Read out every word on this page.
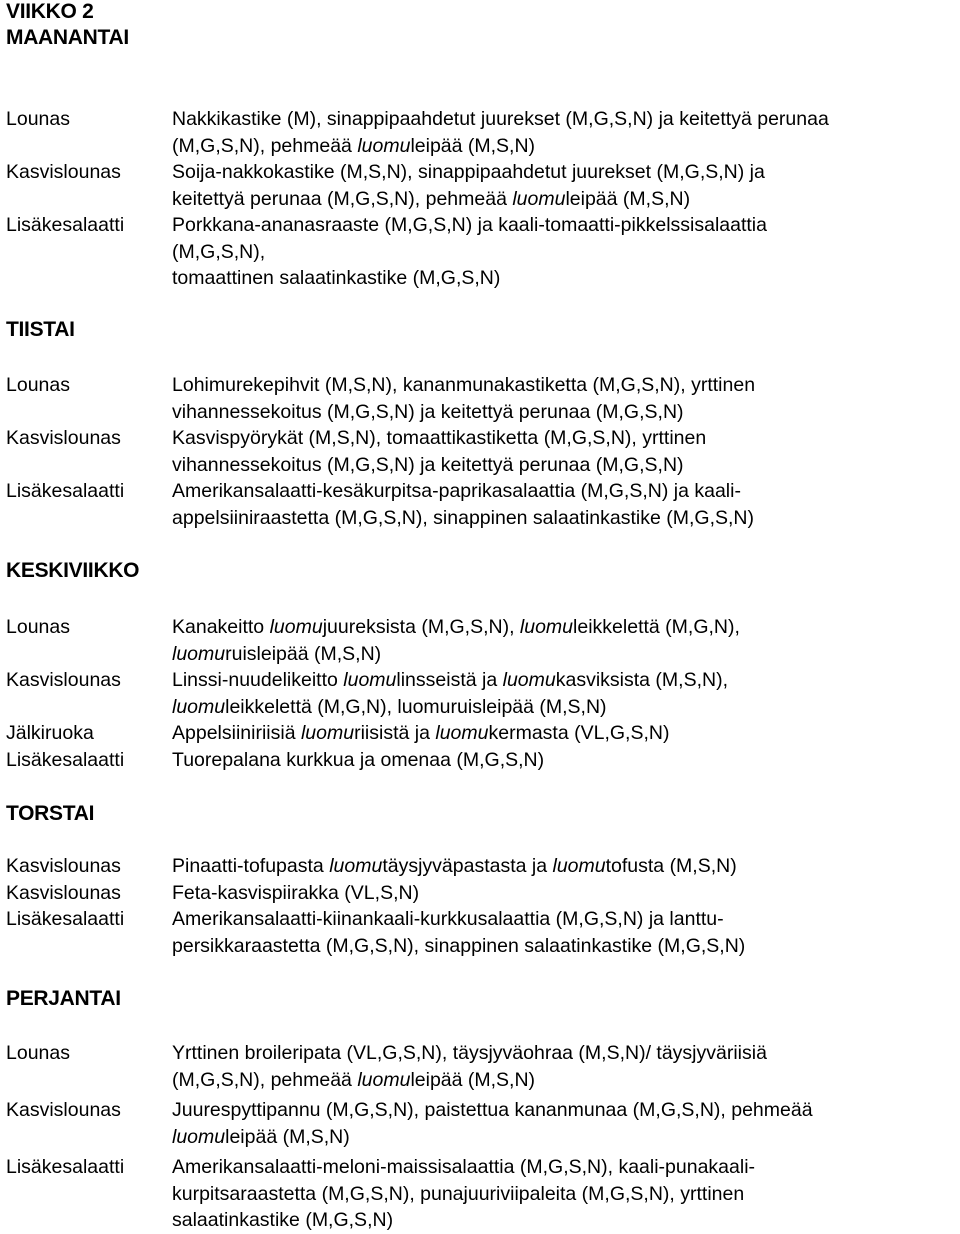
VIIKKO 2
MAANANTAI
Lounas	Nakkikastike (M), sinappipaahdetut juurekset (M,G,S,N) ja keitettyä perunaa
(M,G,S,N), pehmeää luomuleipää (M,S,N)
Kasvislounas	Soija-nakkokastike (M,S,N), sinappipaahdetut juurekset (M,G,S,N) ja
keitettyä perunaa (M,G,S,N), pehmeää luomuleipää (M,S,N)
Lisäkesalaatti	Porkkana-ananasraaste (M,G,S,N) ja kaali-tomaatti-pikkelssisalaattia
(M,G,S,N),
tomaattinen salaatinkastike (M,G,S,N)
TIISTAI
Lounas	Lohimurekepihvit (M,S,N), kananmunakastiketta (M,G,S,N), yrttinen
vihannessekoitus (M,G,S,N) ja keitettyä perunaa (M,G,S,N)
Kasvislounas	Kasvispyörykät (M,S,N), tomaattikastiketta (M,G,S,N), yrttinen
vihannessekoitus (M,G,S,N) ja keitettyä perunaa (M,G,S,N)
Lisäkesalaatti	Amerikansalaatti-kesäkurpitsa-paprikasalaattia (M,G,S,N) ja kaali-
appelsiiniraastetta (M,G,S,N), sinappinen salaatinkastike (M,G,S,N)
KESKIVIIKKO
Lounas	Kanakeitto luomujuureksista (M,G,S,N), luomuleikkelettä (M,G,N),
luomuruisleipää (M,S,N)
Kasvislounas	Linssi-nuudelikeitto luomulinsseistä ja luomukasviksista (M,S,N),
luomuleikkelettä (M,G,N), luomuruisleipää (M,S,N)
Jälkiruoka	Appelsiiniriisiä luomuriisistä ja luomukermasta (VL,G,S,N)
Lisäkesalaatti	Tuorepalana kurkkua ja omenaa (M,G,S,N)
TORSTAI
Kasvislounas	Pinaatti-tofupasta luomutäysjyväpastasta ja luomutofusta (M,S,N)
Kasvislounas	Feta-kasvispiirakka (VL,S,N)
Lisäkesalaatti	Amerikansalaatti-kiinankaali-kurkkusalaattia (M,G,S,N) ja lanttu-
persikkaraastetta (M,G,S,N), sinappinen salaatinkastike (M,G,S,N)
PERJANTAI
Lounas	Yrttinen broileripata (VL,G,S,N), täysjyväohraa (M,S,N)/ täysjyväriisiä
(M,G,S,N), pehmeää luomuleipää (M,S,N)
Kasvislounas	Juurespyttipannu (M,G,S,N), paistettua kananmunaa (M,G,S,N), pehmeää
luomuleipää (M,S,N)
Lisäkesalaatti	Amerikansalaatti-meloni-maissisalaattia (M,G,S,N), kaali-punakaali-
kurpitsaraastetta (M,G,S,N), punajuuriviipaleita (M,G,S,N), yrttinen
salaatinkastike (M,G,S,N)
